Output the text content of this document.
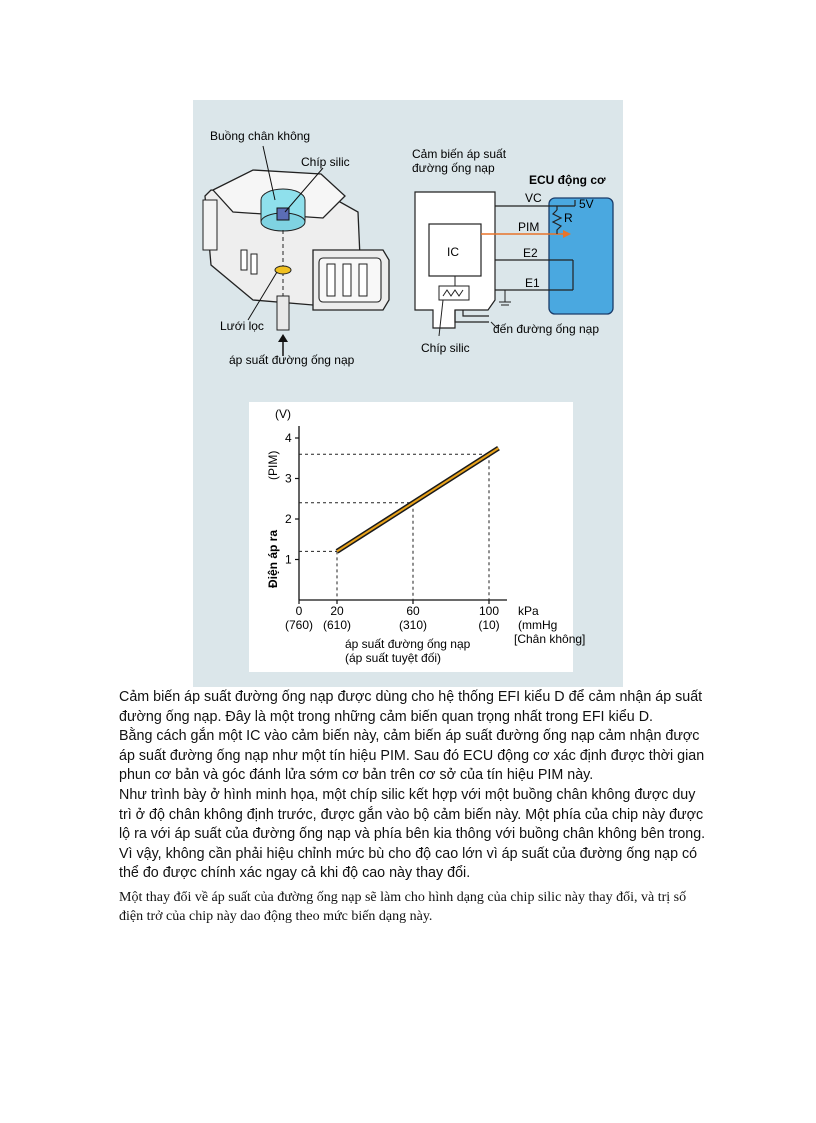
Buồng chân không
Chíp silic
Lưới lọc
áp suất đường ống nạp
Cảm biến áp suất
đường ống nạp
ECU động cơ
VC
PIM
E2
E1
5V
R
IC
đến đường ống nạp
Chíp silic
1
2
3
4
0
(760)
20
(610)
60
(310)
100
(10)
(V)
Điện áp ra
(PIM)
kPa
(mmHg
[Chân không]
áp suất đường ống nạp
(áp suất tuyệt đối)

Cảm biến áp suất đường ống nạp được dùng cho hệ thống EFI kiểu D để cảm nhận áp suất đường ống nạp. Đây là một trong những cảm biến quan trọng nhất trong EFI kiểu D.

Bằng cách gắn một IC vào cảm biến này, cảm biến áp suất đường ống nạp cảm nhận được áp suất đường ống nạp như một tín hiệu PIM. Sau đó ECU động cơ xác định được thời gian phun cơ bản và góc đánh lửa sớm cơ bản trên cơ sở của tín hiệu PIM này.

Như trình bày ở hình minh họa, một chíp silic kết hợp với một buồng chân không được duy trì ở độ chân không định trước, được gắn vào bộ cảm biến này. Một phía của chip này được lộ ra với áp suất của đường ống nạp và phía bên kia thông với buồng chân không bên trong. Vì vậy, không cần phải hiệu chỉnh mức bù cho độ cao lớn vì áp suất của đường ống nạp có thể đo được chính xác ngay cả khi độ cao này thay đổi.

Một thay đổi về áp suất của đường ống nạp sẽ làm cho hình dạng của chip silic này thay đổi, và trị số điện trở của chip này dao động theo mức biến dạng này.
